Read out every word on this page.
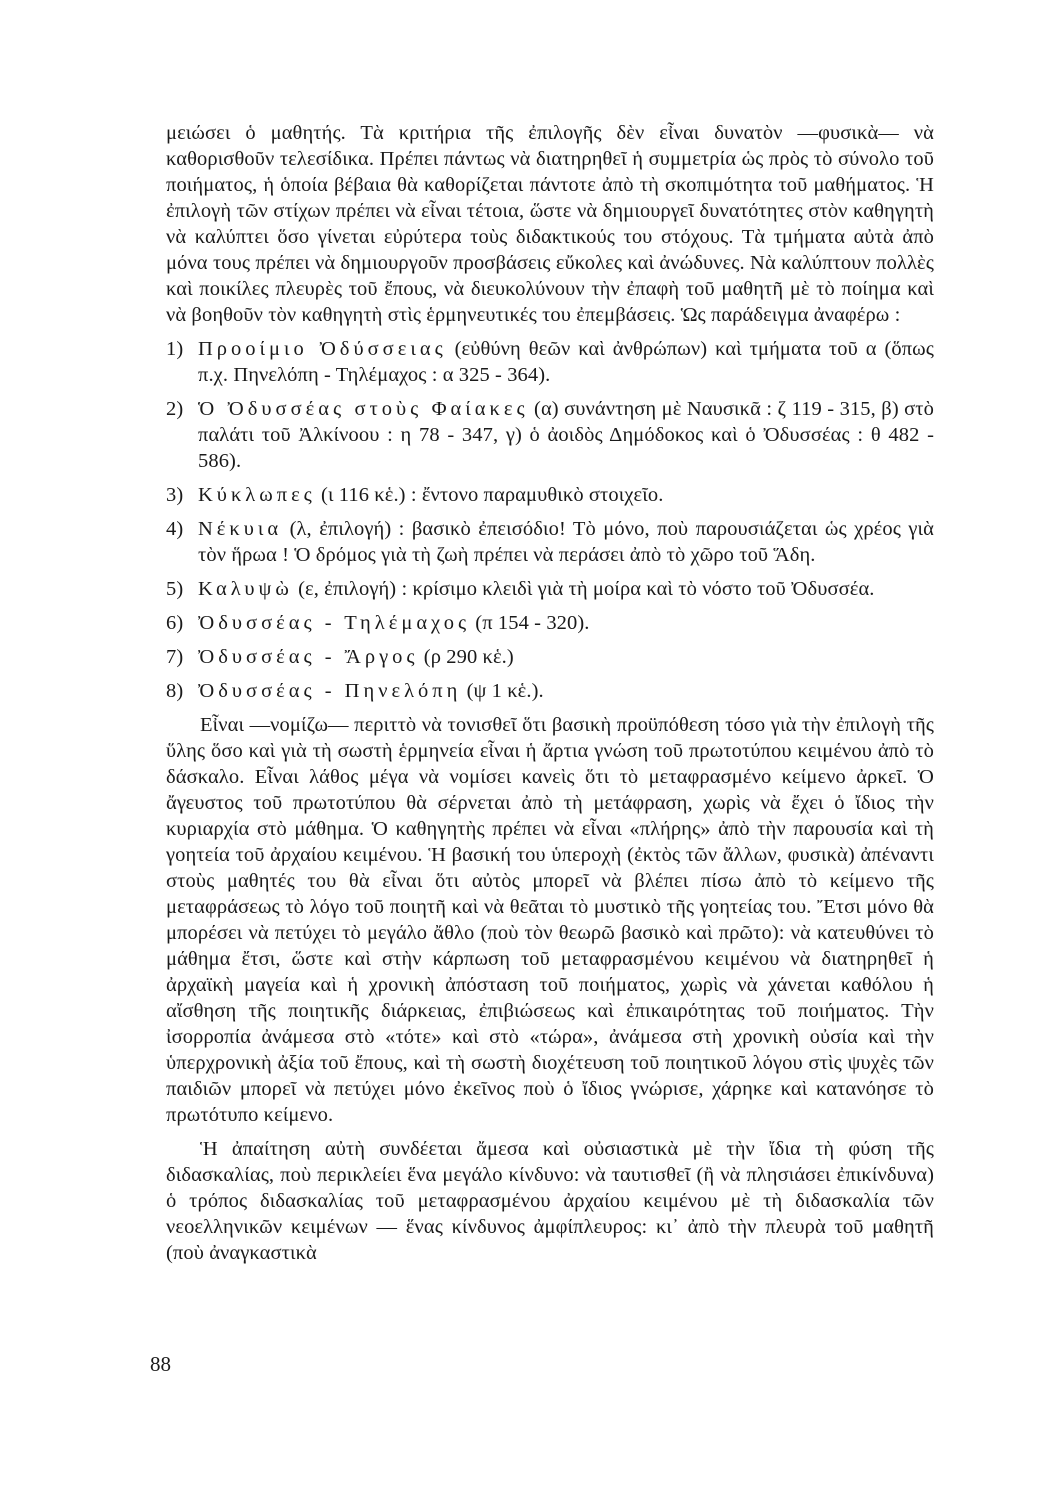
μειώσει ὁ μαθητής. Τὰ κριτήρια τῆς ἐπιλογῆς δὲν εἶναι δυνατὸν —φυσικὰ— νὰ καθορισθοῦν τελεσίδικα. Πρέπει πάντως νὰ διατηρηθεῖ ἡ συμμετρία ὡς πρὸς τὸ σύνολο τοῦ ποιήματος, ἡ ὁποία βέβαια θὰ καθορίζεται πάντοτε ἀπὸ τὴ σκοπιμότητα τοῦ μαθήματος. Ἡ ἐπιλογὴ τῶν στίχων πρέπει νὰ εἶναι τέτοια, ὥστε νὰ δημιουργεῖ δυνατότητες στὸν καθηγητὴ νὰ καλύπτει ὅσο γίνεται εὐρύτερα τοὺς διδακτικούς του στόχους. Τὰ τμήματα αὐτὰ ἀπὸ μόνα τους πρέπει νὰ δημιουργοῦν προσβάσεις εὔκολες καὶ ἀνώδυνες. Νὰ καλύπτουν πολλὲς καὶ ποικίλες πλευρὲς τοῦ ἔπους, νὰ διευκολύνουν τὴν ἐπαφὴ τοῦ μαθητῆ μὲ τὸ ποίημα καὶ νὰ βοηθοῦν τὸν καθηγητὴ στὶς ἑρμηνευτικές του ἐπεμβάσεις. Ὡς παράδειγμα ἀναφέρω :

1) Προοίμιο Ὀδύσσειας (εὐθύνη θεῶν καὶ ἀνθρώπων) καὶ τμήματα τοῦ α (ὅπως π.χ. Πηνελόπη - Τηλέμαχος : α 325 - 364).
2) Ὁ Ὀδυσσέας στοὺς Φαίακες (α) συνάντηση μὲ Ναυσικᾶ : ζ 119 - 315, β) στὸ παλάτι τοῦ Ἀλκίνοου : η 78 - 347, γ) ὁ ἀοιδὸς Δημόδοκος καὶ ὁ Ὀδυσσέας : θ 482 - 586).
3) Κύκλωπες (ι 116 κἑ.) : ἔντονο παραμυθικὸ στοιχεῖο.
4) Νέκυια (λ, ἐπιλογή) : βασικὸ ἐπεισόδιο! Τὸ μόνο, ποὺ παρουσιάζεται ὡς χρέος γιὰ τὸν ἥρωα ! Ὁ δρόμος γιὰ τὴ ζωὴ πρέπει νὰ περάσει ἀπὸ τὸ χῶρο τοῦ Ἅδη.
5) Καλυψὼ (ε, ἐπιλογή) : κρίσιμο κλειδὶ γιὰ τὴ μοίρα καὶ τὸ νόστο τοῦ Ὀδυσσέα.
6) Ὀδυσσέας - Τηλέμαχος (π 154 - 320).
7) Ὀδυσσέας - Ἄργος (ρ 290 κἑ.)
8) Ὀδυσσέας - Πηνελόπη (ψ 1 κἑ.).

Εἶναι —νομίζω— περιττὸ νὰ τονισθεῖ ὅτι βασικὴ προϋπόθεση τόσο γιὰ τὴν ἐπιλογὴ τῆς ὕλης ὅσο καὶ γιὰ τὴ σωστὴ ἑρμηνεία εἶναι ἡ ἄρτια γνώση τοῦ πρωτοτύπου κειμένου ἀπὸ τὸ δάσκαλο. Εἶναι λάθος μέγα νὰ νομίσει κανεὶς ὅτι τὸ μεταφρασμένο κείμενο ἀρκεῖ. Ὁ ἄγευστος τοῦ πρωτοτύπου θὰ σέρνεται ἀπὸ τὴ μετάφραση, χωρὶς νὰ ἔχει ὁ ἴδιος τὴν κυριαρχία στὸ μάθημα. Ὁ καθηγητὴς πρέπει νὰ εἶναι «πλήρης» ἀπὸ τὴν παρουσία καὶ τὴ γοητεία τοῦ ἀρχαίου κειμένου. Ἡ βασική του ὑπεροχὴ (ἐκτὸς τῶν ἄλλων, φυσικὰ) ἀπέναντι στοὺς μαθητές του θὰ εἶναι ὅτι αὐτὸς μπορεῖ νὰ βλέπει πίσω ἀπὸ τὸ κείμενο τῆς μεταφράσεως τὸ λόγο τοῦ ποιητῆ καὶ νὰ θεᾶται τὸ μυστικὸ τῆς γοητείας του. Ἔτσι μόνο θὰ μπορέσει νὰ πετύχει τὸ μεγάλο ἄθλο (ποὺ τὸν θεωρῶ βασικὸ καὶ πρῶτο): νὰ κατευθύνει τὸ μάθημα ἔτσι, ὥστε καὶ στὴν κάρπωση τοῦ μεταφρασμένου κειμένου νὰ διατηρηθεῖ ἡ ἀρχαϊκὴ μαγεία καὶ ἡ χρονικὴ ἀπόσταση τοῦ ποιήματος, χωρὶς νὰ χάνεται καθόλου ἡ αἴσθηση τῆς ποιητικῆς διάρκειας, ἐπιβιώσεως καὶ ἐπικαιρότητας τοῦ ποιήματος. Τὴν ἰσορροπία ἀνάμεσα στὸ «τότε» καὶ στὸ «τώρα», ἀνάμεσα στὴ χρονικὴ οὐσία καὶ τὴν ὑπερχρονικὴ ἀξία τοῦ ἔπους, καὶ τὴ σωστὴ διοχέτευση τοῦ ποιητικοῦ λόγου στὶς ψυχὲς τῶν παιδιῶν μπορεῖ νὰ πετύχει μόνο ἐκεῖνος ποὺ ὁ ἴδιος γνώρισε, χάρηκε καὶ κατανόησε τὸ πρωτότυπο κείμενο.

Ἡ ἀπαίτηση αὐτὴ συνδέεται ἄμεσα καὶ οὐσιαστικὰ μὲ τὴν ἴδια τὴ φύση τῆς διδασκαλίας, ποὺ περικλείει ἕνα μεγάλο κίνδυνο: νὰ ταυτισθεῖ (ἢ νὰ πλησιάσει ἐπικίνδυνα) ὁ τρόπος διδασκαλίας τοῦ μεταφρασμένου ἀρχαίου κειμένου μὲ τὴ διδασκαλία τῶν νεοελληνικῶν κειμένων — ἕνας κίνδυνος ἀμφίπλευρος: κι᾽ ἀπὸ τὴν πλευρὰ τοῦ μαθητῆ (ποὺ ἀναγκαστικὰ

88
